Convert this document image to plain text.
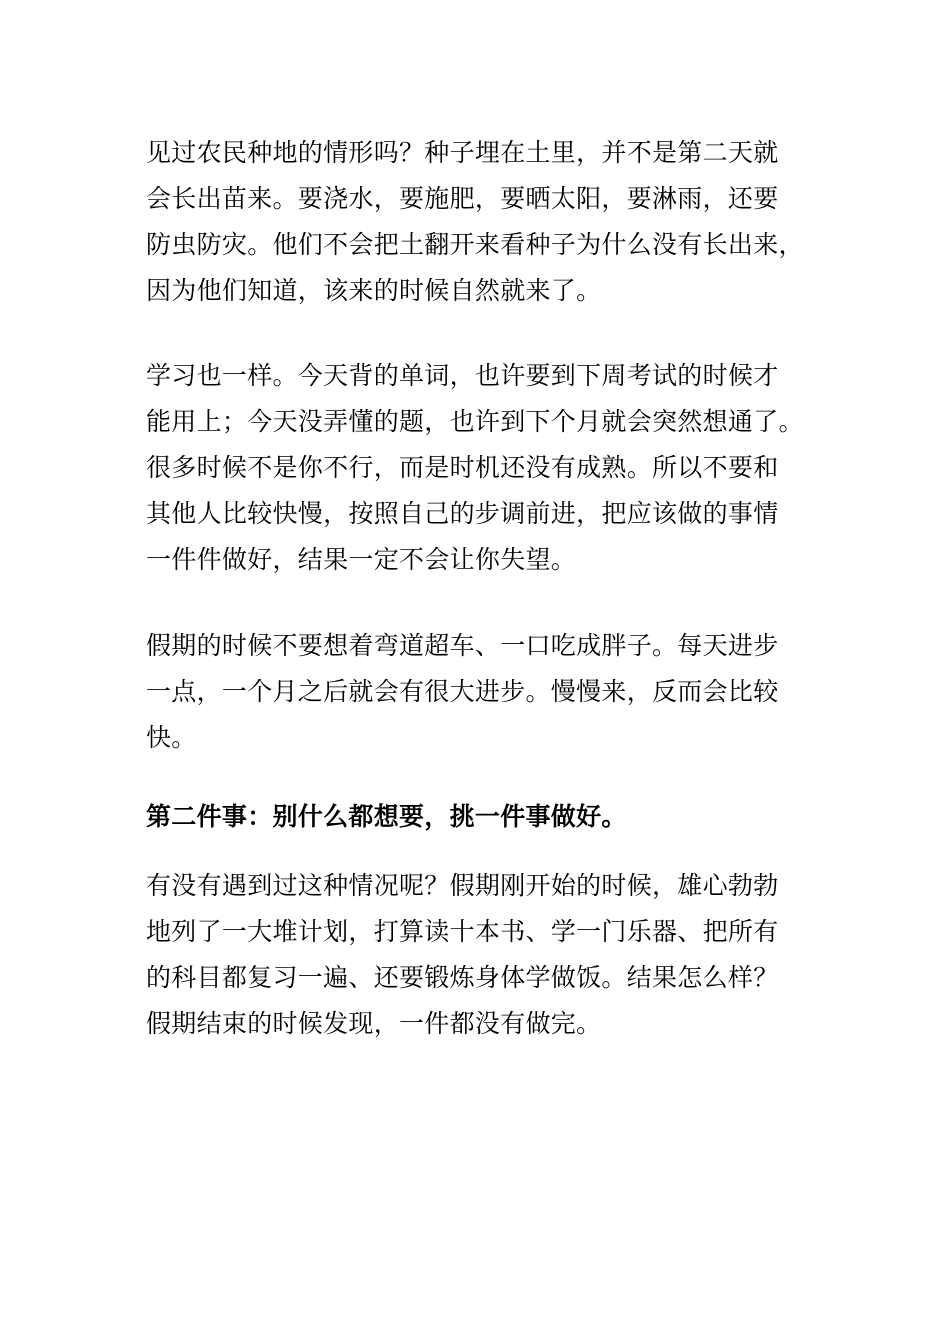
见过农民种地的情形吗？种子埋在土里，并不是第二天就
会长出苗来。要浇水，要施肥，要晒太阳，要淋雨，还要
防虫防灾。他们不会把土翻开来看种子为什么没有长出来，
因为他们知道，该来的时候自然就来了。

学习也一样。今天背的单词，也许要到下周考试的时候才
能用上；今天没弄懂的题，也许到下个月就会突然想通了。
很多时候不是你不行，而是时机还没有成熟。所以不要和
其他人比较快慢，按照自己的步调前进，把应该做的事情
一件件做好，结果一定不会让你失望。

假期的时候不要想着弯道超车、一口吃成胖子。每天进步
一点，一个月之后就会有很大进步。慢慢来，反而会比较
快。

第二件事：别什么都想要，挑一件事做好。

有没有遇到过这种情况呢？假期刚开始的时候，雄心勃勃
地列了一大堆计划，打算读十本书、学一门乐器、把所有
的科目都复习一遍、还要锻炼身体学做饭。结果怎么样？
假期结束的时候发现，一件都没有做完。
